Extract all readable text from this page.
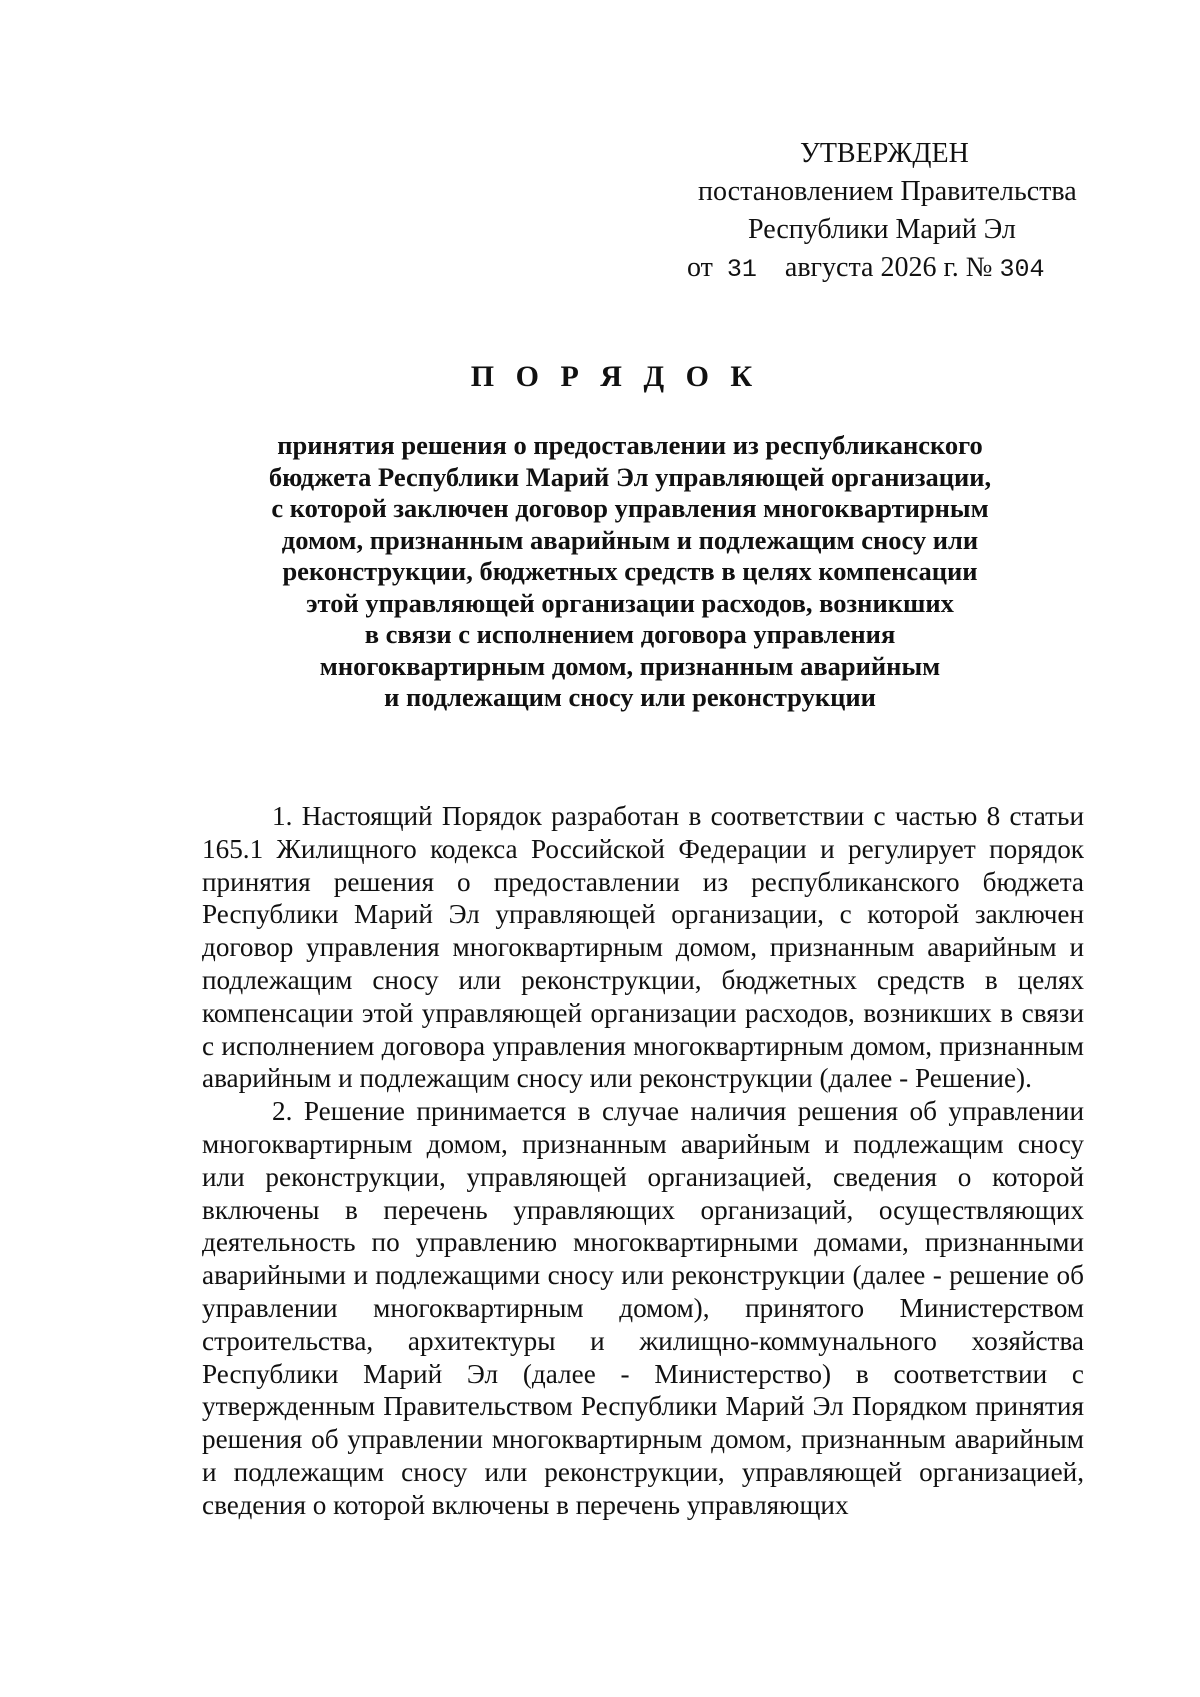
УТВЕРЖДЕН
постановлением Правительства
Республики Марий Эл
от 31 августа 2026 г. № 304
П О Р Я Д О К
принятия решения о предоставлении из республиканского
бюджета Республики Марий Эл управляющей организации,
с которой заключен договор управления многоквартирным
домом, признанным аварийным и подлежащим сносу или
реконструкции, бюджетных средств в целях компенсации
этой управляющей организации расходов, возникших
в связи с исполнением договора управления
многоквартирным домом, признанным аварийным
и подлежащим сносу или реконструкции

1. Настоящий Порядок разработан в соответствии с частью 8 статьи 165.1 Жилищного кодекса Российской Федерации и регулирует порядок принятия решения о предоставлении из республиканского бюджета Республики Марий Эл управляющей организации, с которой заключен договор управления многоквартирным домом, признанным аварийным и подлежащим сносу или реконструкции, бюджетных средств в целях компенсации этой управляющей организации расходов, возникших в связи с исполнением договора управления многоквартирным домом, признанным аварийным и подлежащим сносу или реконструкции (далее - Решение).

2. Решение принимается в случае наличия решения об управлении многоквартирным домом, признанным аварийным и подлежащим сносу или реконструкции, управляющей организацией, сведения о которой включены в перечень управляющих организаций, осуществляющих деятельность по управлению многоквартирными домами, признанными аварийными и подлежащими сносу или реконструкции (далее - решение об управлении многоквартирным домом), принятого Министерством строительства, архитектуры и жилищно-коммунального хозяйства Республики Марий Эл (далее - Министерство) в соответствии с утвержденным Правительством Республики Марий Эл Порядком принятия решения об управлении многоквартирным домом, признанным аварийным и подлежащим сносу или реконструкции, управляющей организацией, сведения о которой включены в перечень управляющих
